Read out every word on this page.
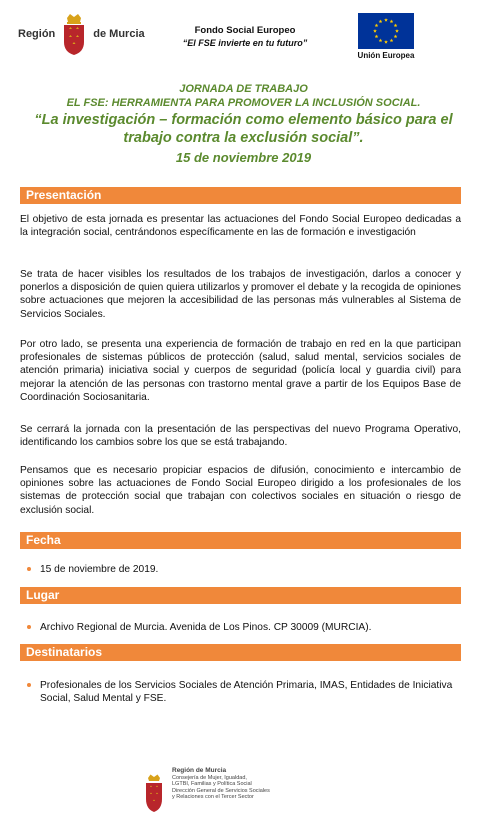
Región	de Murcia	Fondo Social Europeo
“El FSE invierte en tu futuro”
Unión Europea
JORNADA DE TRABAJO
EL FSE: HERRAMIENTA PARA PROMOVER LA INCLUSIÓN SOCIAL.
“La investigación – formación como elemento básico para el
trabajo contra la exclusión social”.
15 de noviembre 2019
Presentación

El objetivo de esta jornada es presentar las actuaciones del Fondo Social Europeo dedicadas a la integración social, centrándonos específicamente en las de formación e investigación

Se trata de hacer visibles los resultados de los trabajos de investigación, darlos a conocer y ponerlos a disposición de quien quiera utilizarlos y promover el debate y la recogida de opiniones sobre actuaciones que mejoren la accesibilidad de las personas más vulnerables al Sistema de Servicios Sociales.

Por otro lado, se presenta una experiencia de formación de trabajo en red en la que participan profesionales de sistemas públicos de protección (salud, salud mental, servicios sociales de atención primaria) iniciativa social y cuerpos de seguridad (policía local y guardia civil) para mejorar la atención de las personas con trastorno mental grave a partir de los Equipos Base de Coordinación Sociosanitaria.

Se cerrará la jornada con la presentación de las perspectivas del nuevo Programa Operativo, identificando los cambios sobre los que se está trabajando.

Pensamos que es necesario propiciar espacios de difusión, conocimiento e intercambio de opiniones sobre las actuaciones de Fondo Social Europeo dirigido a los profesionales de los sistemas de protección social que trabajan con colectivos sociales en situación o riesgo de exclusión social.

Fecha
15 de noviembre de 2019.
Lugar
Archivo Regional de Murcia. Avenida de Los Pinos. CP 30009 (MURCIA).
Destinatarios
Profesionales de los Servicios Sociales de Atención Primaria, IMAS, Entidades de Iniciativa Social, Salud Mental y FSE.
Región de Murcia
Consejería de Mujer, Igualdad,
LGTBI, Familias y Política Social
Dirección General de Servicios Sociales
y Relaciones con el Tercer Sector
